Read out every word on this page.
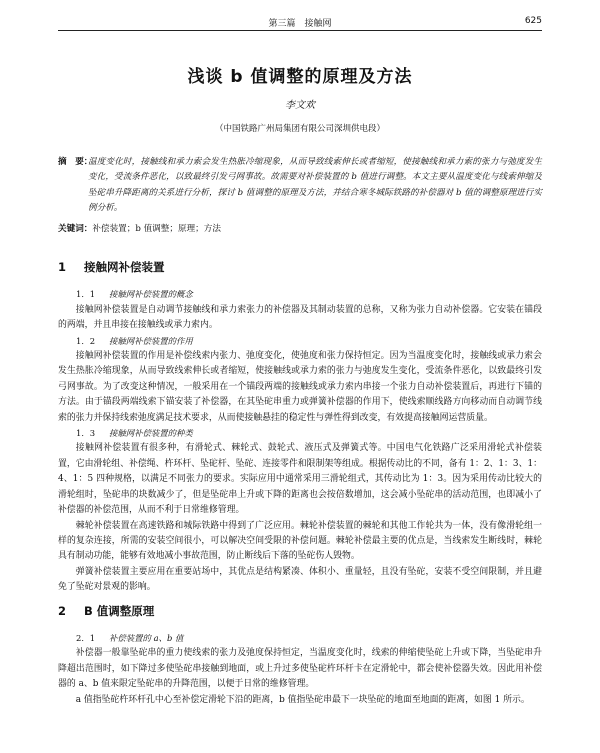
第三篇　接触网	625
浅谈 b 值调整的原理及方法
李文欢
（中国铁路广州局集团有限公司深圳供电段）
摘　要：
温度变化时，接触线和承力索会发生热胀冷缩现象，从而导致线索伸长或者缩短，使接触线和承力索的张力与弛度发生变化，受流条件恶化，以致最终引发弓网事故。故需要对补偿装置的 b 值进行调整。本文主要从温度变化与线索伸缩及坠砣串升降距离的关系进行分析，探讨 b 值调整的原理及方法，并结合寒冬城际铁路的补偿器对 b 值的调整原理进行实例分析。
关键词：补偿装置；b 值调整；原理；方法
1 接触网补偿装置
1．1 接触网补偿装置的概念

接触网补偿装置是自动调节接触线和承力索张力的补偿器及其制动装置的总称，又称为张力自动补偿器。它安装在锚段的两端，并且串接在接触线或承力索内。

1．2 接触网补偿装置的作用

接触网补偿装置的作用是补偿线索内张力、弛度变化，使弛度和张力保持恒定。因为当温度变化时，接触线或承力索会发生热胀冷缩现象，从而导致线索伸长或者缩短，使接触线或承力索的张力与弛度发生变化，受流条件恶化，以致最终引发弓网事故。为了改变这种情况，一般采用在一个锚段两端的接触线或承力索内串接一个张力自动补偿装置后，再进行下锚的方法。由于锚段两端线索下锚安装了补偿器，在其坠砣串重力或弹簧补偿器的作用下，使线索顺线路方向移动而自动调节线索的张力并保持线索弛度满足技术要求，从而使接触悬挂的稳定性与弹性得到改变，有效提高接触网运营质量。

1．3 接触网补偿装置的种类

接触网补偿装置有很多种，有滑轮式、棘轮式、鼓轮式、液压式及弹簧式等。中国电气化铁路广泛采用滑轮式补偿装置，它由滑轮组、补偿绳、杵环杆、坠砣杆、坠砣、连接零件和限制架等组成。根据传动比的不同，备有 1：2、1：3、1：4、1：5 四种规格，以满足不同张力的要求。实际应用中通常采用三滑轮组式，其传动比为 1：3。因为采用传动比较大的滑轮组时，坠砣串的块数减少了，但是坠砣串上升或下降的距离也会按倍数增加，这会减小坠砣串的活动范围，也即减小了补偿器的补偿范围，从而不利于日常维修管理。

棘轮补偿装置在高速铁路和城际铁路中得到了广泛应用。棘轮补偿装置的棘轮和其他工作轮共为一体，没有像滑轮组一样的复杂连接，所需的安装空间很小，可以解决空间受限的补偿问题。棘轮补偿最主要的优点是，当线索发生断线时，棘轮具有制动功能，能够有效地减小事故范围，防止断线后下落的坠砣伤人毁物。

弹簧补偿装置主要应用在重要站场中，其优点是结构紧凑、体积小、重量轻，且没有坠砣，安装不受空间限制，并且避免了坠砣对景观的影响。

2 B 值调整原理
2．1 补偿装置的 a、b 值

补偿器一般靠坠砣串的重力使线索的张力及弛度保持恒定，当温度变化时，线索的伸缩使坠砣上升或下降，当坠砣串升降超出范围时，如下降过多使坠砣串接触到地面，或上升过多使坠砣杵环杆卡在定滑轮中，都会使补偿器失效。因此用补偿器的 a、b 值来限定坠砣串的升降范围，以便于日常的维修管理。

a 值指坠砣杵环杆孔中心至补偿定滑轮下沿的距离，b 值指坠砣串最下一块坠砣的地面至地面的距离，如图 1 所示。
